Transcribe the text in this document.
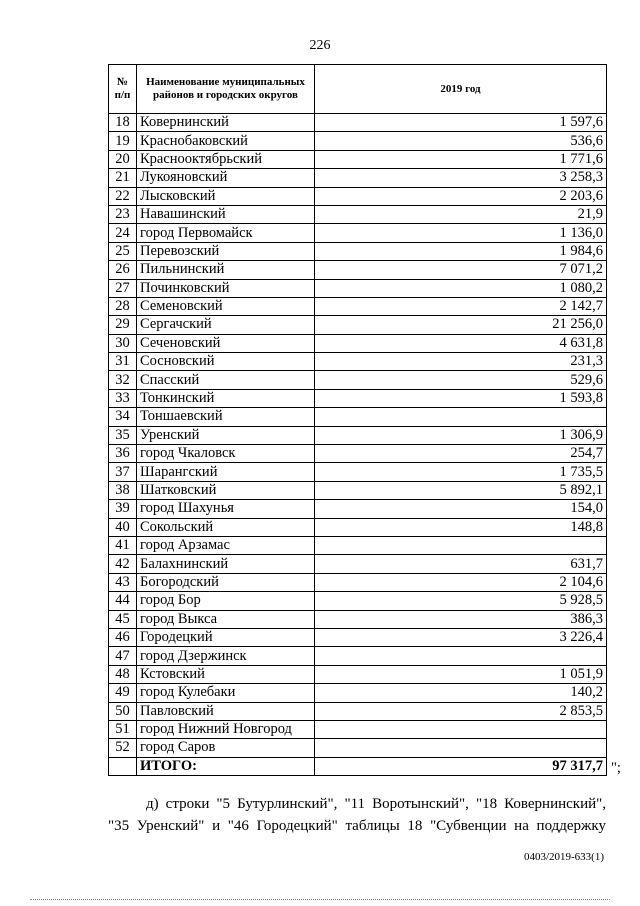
226
№ п/п	Наименование муниципальных районов и городских округов	2019 год
18	Ковернинский	1 597,6
19	Краснобаковский	536,6
20	Краснооктябрьский	1 771,6
21	Лукояновский	3 258,3
22	Лысковский	2 203,6
23	Навашинский	21,9
24	город Первомайск	1 136,0
25	Перевозский	1 984,6
26	Пильнинский	7 071,2
27	Починковский	1 080,2
28	Семеновский	2 142,7
29	Сергачский	21 256,0
30	Сеченовский	4 631,8
31	Сосновский	231,3
32	Спасский	529,6
33	Тонкинский	1 593,8
34	Тоншаевский	
35	Уренский	1 306,9
36	город Чкаловск	254,7
37	Шарангский	1 735,5
38	Шатковский	5 892,1
39	город Шахунья	154,0
40	Сокольский	148,8
41	город Арзамас	
42	Балахнинский	631,7
43	Богородский	2 104,6
44	город Бор	5 928,5
45	город Выкса	386,3
46	Городецкий	3 226,4
47	город Дзержинск	
48	Кстовский	1 051,9
49	город Кулебаки	140,2
50	Павловский	2 853,5
51	город Нижний Новгород	
52	город Саров	
	ИТОГО:	97 317,7 ";
д) строки "5 Бутурлинский", "11 Воротынский", "18 Ковернинский",
"35 Уренский" и "46 Городецкий" таблицы 18 "Субвенции на поддержку
0403/2019-633(1)
